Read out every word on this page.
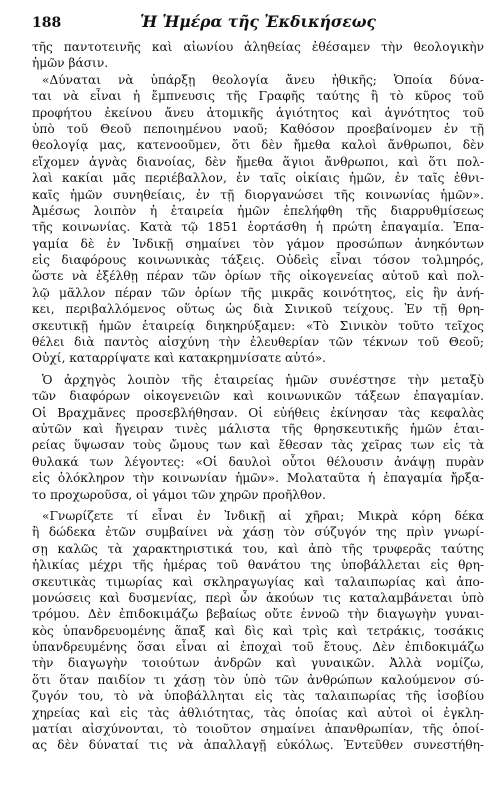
188	Ἡ Ἡμέρα τῆς Ἐκδικήσεως
τῆς παντοτεινῆς καὶ αἰωνίου ἀληθείας ἐθέσαμεν τὴν θεολογικὴν
ἡμῶν βάσιν.
«Δύναται νὰ ὑπάρξῃ θεολογία ἄνευ ἠθικῆς; Ὁποία δύνα-
ται νὰ εἶναι ἡ ἔμπνευσις τῆς Γραφῆς ταύτης ἢ τὸ κῦρος τοῦ
προφήτου ἐκείνου ἄνευ ἀτομικῆς ἁγιότητος καὶ ἁγνότητος τοῦ
ὑπὸ τοῦ Θεοῦ πεποιημένου ναοῦ; Καθόσον προεβαίνομεν ἐν τῇ
θεολογίᾳ μας, κατενοοῦμεν, ὅτι δὲν ἤμεθα καλοὶ ἄνθρωποι, δὲν
εἴχομεν ἁγνὰς διανοίας, δὲν ἤμεθα ἅγιοι ἄνθρωποι, καὶ ὅτι πολ-
λαὶ κακίαι μᾶς περιέβαλλον, ἐν ταῖς οἰκίαις ἡμῶν, ἐν ταῖς ἐθνι-
καῖς ἡμῶν συνηθείαις, ἐν τῇ διοργανώσει τῆς κοινωνίας ἡμῶν».
Ἀμέσως λοιπὸν ἡ ἑταιρεία ἡμῶν ἐπελήφθη τῆς διαρρυθμίσεως
τῆς κοινωνίας. Κατὰ τῷ 1851 ἑορτάσθη ἡ πρώτη ἐπαγαμία. Ἐπα-
γαμία δὲ ἐν Ἰνδικῇ σημαίνει τὸν γάμον προσώπων ἀνηκόντων
εἰς διαφόρους κοινωνικὰς τάξεις. Οὐδεὶς εἶναι τόσον τολμηρός,
ὥστε νὰ ἐξέλθῃ πέραν τῶν ὁρίων τῆς οἰκογενείας αὐτοῦ καὶ πολ-
λῷ μᾶλλον πέραν τῶν ὁρίων τῆς μικρᾶς κοινότητος, εἰς ἣν ἀνή-
κει, περιβαλλόμενος οὕτως ὡς διὰ Σινικοῦ τείχους. Ἐν τῇ θρη-
σκευτικῇ ἡμῶν ἑταιρείᾳ διηκηρύξαμεν: «Τὸ Σινικὸν τοῦτο τεῖχος
θέλει διὰ παντὸς αἰσχύνη τὴν ἐλευθερίαν τῶν τέκνων τοῦ Θεοῦ;
Οὐχί, καταρρίψατε καὶ κατακρημνίσατε αὐτό».
Ὁ ἀρχηγὸς λοιπὸν τῆς ἑταιρείας ἡμῶν συνέστησε τὴν μεταξὺ
τῶν διαφόρων οἰκογενειῶν καὶ κοινωνικῶν τάξεων ἐπαγαμίαν.
Οἱ Βραχμᾶνες προσεβλήθησαν. Οἱ εὐήθεις ἐκίνησαν τὰς κεφαλὰς
αὐτῶν καὶ ἤγειραν τινὲς μάλιστα τῆς θρησκευτικῆς ἡμῶν ἑται-
ρείας ὕψωσαν τοὺς ὤμους των καὶ ἔθεσαν τὰς χεῖρας των εἰς τὰ
θυλακά των λέγοντες: «Οἱ δαυλοὶ οὗτοι θέλουσιν ἀνάψῃ πυρὰν
εἰς ὁλόκληρον τὴν κοινωνίαν ἡμῶν». Μολαταῦτα ἡ ἐπαγαμία ἤρξα-
το προχωροῦσα, οἱ γάμοι τῶν χηρῶν προῆλθον.
«Γνωρίζετε τί εἶναι ἐν Ἰνδικῇ αἱ χῆραι; Μικρὰ κόρη δέκα
ἢ δώδεκα ἐτῶν συμβαίνει νὰ χάσῃ τὸν σύζυγόν της πρὶν γνωρί-
σῃ καλῶς τὰ χαρακτηριστικά του, καὶ ἀπὸ τῆς τρυφερᾶς ταύτης
ἡλικίας μέχρι τῆς ἡμέρας τοῦ θανάτου της ὑποβάλλεται εἰς θρη-
σκευτικὰς τιμωρίας καὶ σκληραγωγίας καὶ ταλαιπωρίας καὶ ἀπο-
μονώσεις καὶ δυσμενίας, περὶ ὧν ἀκούων τις καταλαμβάνεται ὑπὸ
τρόμου. Δὲν ἐπιδοκιμάζω βεβαίως οὔτε ἐννοῶ τὴν διαγωγὴν γυναι-
κὸς ὑπανδρευομένης ἅπαξ καὶ δὶς καὶ τρὶς καὶ τετράκις, τοσάκις
ὑπανδρευμένης ὅσαι εἶναι αἱ ἐποχαὶ τοῦ ἔτους. Δὲν ἐπιδοκιμάζω
τὴν διαγωγὴν τοιούτων ἀνδρῶν καὶ γυναικῶν. Ἀλλὰ νομίζω,
ὅτι ὅταν παιδίον τι χάσῃ τὸν ὑπὸ τῶν ἀνθρώπων καλούμενον σύ-
ζυγόν του, τὸ νὰ ὑποβάλληται εἰς τὰς ταλαιπωρίας τῆς ἰσοβίου
χηρείας καὶ εἰς τὰς ἀθλιότητας, τὰς ὁποίας καὶ αὐτοὶ οἱ ἐγκλη-
ματίαι αἰσχύνονται, τὸ τοιοῦτον σημαίνει ἀπανθρωπίαν, τῆς ὁποί-
ας δὲν δύναταί τις νὰ ἀπαλλαγῇ εὐκόλως. Ἐντεῦθεν συνεστήθη-
